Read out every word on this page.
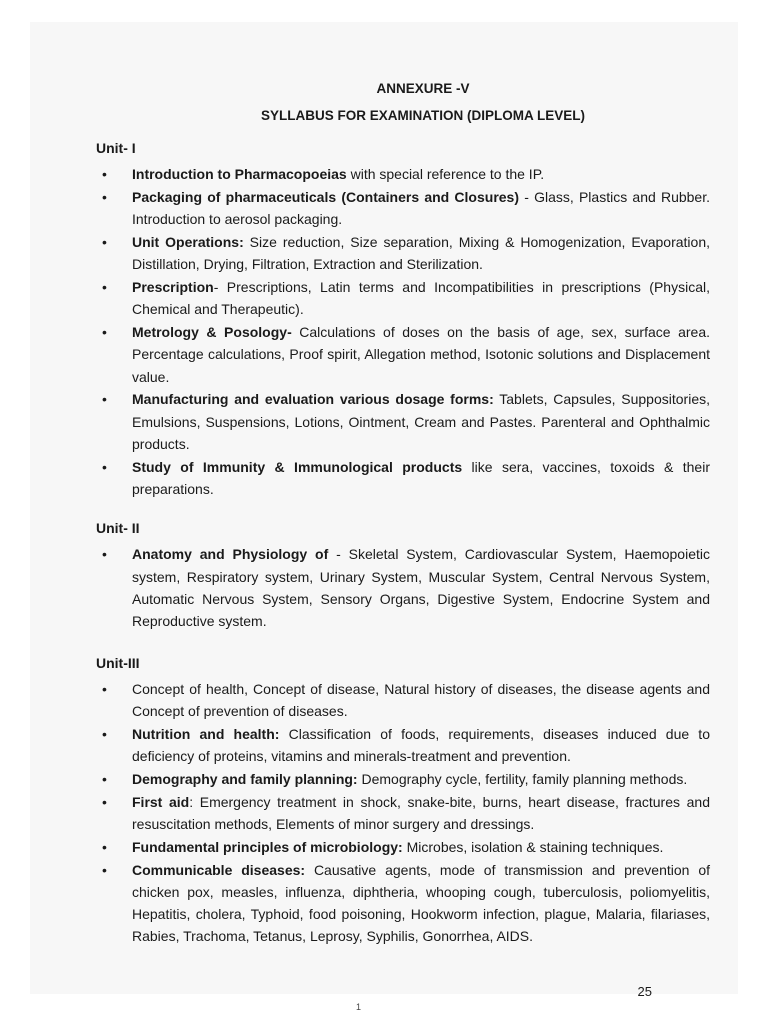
ANNEXURE -V
SYLLABUS FOR EXAMINATION (DIPLOMA LEVEL)
Unit- I
• Introduction to Pharmacopoeias with special reference to the IP.
• Packaging of pharmaceuticals (Containers and Closures) - Glass, Plastics and Rubber. Introduction to aerosol packaging.
• Unit Operations: Size reduction, Size separation, Mixing & Homogenization, Evaporation, Distillation, Drying, Filtration, Extraction and Sterilization.
• Prescription- Prescriptions, Latin terms and Incompatibilities in prescriptions (Physical, Chemical and Therapeutic).
• Metrology & Posology- Calculations of doses on the basis of age, sex, surface area. Percentage calculations, Proof spirit, Allegation method, Isotonic solutions and Displacement value.
• Manufacturing and evaluation various dosage forms: Tablets, Capsules, Suppositories, Emulsions, Suspensions, Lotions, Ointment, Cream and Pastes. Parenteral and Ophthalmic products.
• Study of Immunity & Immunological products like sera, vaccines, toxoids & their preparations.
Unit- II
• Anatomy and Physiology of - Skeletal System, Cardiovascular System, Haemopoietic system, Respiratory system, Urinary System, Muscular System, Central Nervous System, Automatic Nervous System, Sensory Organs, Digestive System, Endocrine System and Reproductive system.
Unit-III
• Concept of health, Concept of disease, Natural history of diseases, the disease agents and Concept of prevention of diseases.
• Nutrition and health: Classification of foods, requirements, diseases induced due to deficiency of proteins, vitamins and minerals-treatment and prevention.
• Demography and family planning: Demography cycle, fertility, family planning methods.
• First aid: Emergency treatment in shock, snake-bite, burns, heart disease, fractures and resuscitation methods, Elements of minor surgery and dressings.
• Fundamental principles of microbiology: Microbes, isolation & staining techniques.
• Communicable diseases: Causative agents, mode of transmission and prevention of chicken pox, measles, influenza, diphtheria, whooping cough, tuberculosis, poliomyelitis, Hepatitis, cholera, Typhoid, food poisoning, Hookworm infection, plague, Malaria, filariases, Rabies, Trachoma, Tetanus, Leprosy, Syphilis, Gonorrhea, AIDS.
25
1
